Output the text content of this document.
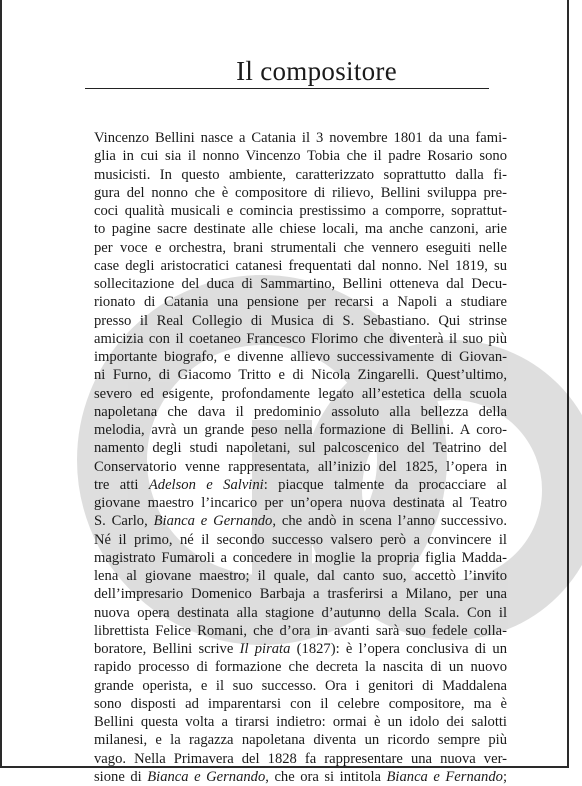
Il compositore
Vincenzo Bellini nasce a Catania il 3 novembre 1801 da una fami-
glia in cui sia il nonno Vincenzo Tobia che il padre Rosario sono
musicisti. In questo ambiente, caratterizzato soprattutto dalla fi-
gura del nonno che è compositore di rilievo, Bellini sviluppa pre-
coci qualità musicali e comincia prestissimo a comporre, soprattut-
to pagine sacre destinate alle chiese locali, ma anche canzoni, arie
per voce e orchestra, brani strumentali che vennero eseguiti nelle
case degli aristocratici catanesi frequentati dal nonno. Nel 1819, su
sollecitazione del duca di Sammartino, Bellini otteneva dal Decu-
rionato di Catania una pensione per recarsi a Napoli a studiare
presso il Real Collegio di Musica di S. Sebastiano. Qui strinse
amicizia con il coetaneo Francesco Florimo che diventerà il suo più
importante biografo, e divenne allievo successivamente di Giovan-
ni Furno, di Giacomo Tritto e di Nicola Zingarelli. Quest’ultimo,
severo ed esigente, profondamente legato all’estetica della scuola
napoletana che dava il predominio assoluto alla bellezza della
melodia, avrà un grande peso nella formazione di Bellini. A coro-
namento degli studi napoletani, sul palcoscenico del Teatrino del
Conservatorio venne rappresentata, all’inizio del 1825, l’opera in
tre atti Adelson e Salvini: piacque talmente da procacciare al
giovane maestro l’incarico per un’opera nuova destinata al Teatro
S. Carlo, Bianca e Gernando, che andò in scena l’anno successivo.
Né il primo, né il secondo successo valsero però a convincere il
magistrato Fumaroli a concedere in moglie la propria figlia Madda-
lena al giovane maestro; il quale, dal canto suo, accettò l’invito
dell’impresario Domenico Barbaja a trasferirsi a Milano, per una
nuova opera destinata alla stagione d’autunno della Scala. Con il
librettista Felice Romani, che d’ora in avanti sarà suo fedele colla-
boratore, Bellini scrive Il pirata (1827): è l’opera conclusiva di un
rapido processo di formazione che decreta la nascita di un nuovo
grande operista, e il suo successo. Ora i genitori di Maddalena
sono disposti ad imparentarsi con il celebre compositore, ma è
Bellini questa volta a tirarsi indietro: ormai è un idolo dei salotti
milanesi, e la ragazza napoletana diventa un ricordo sempre più
vago. Nella Primavera del 1828 fa rappresentare una nuova ver-
sione di Bianca e Gernando, che ora si intitola Bianca e Fernando;
